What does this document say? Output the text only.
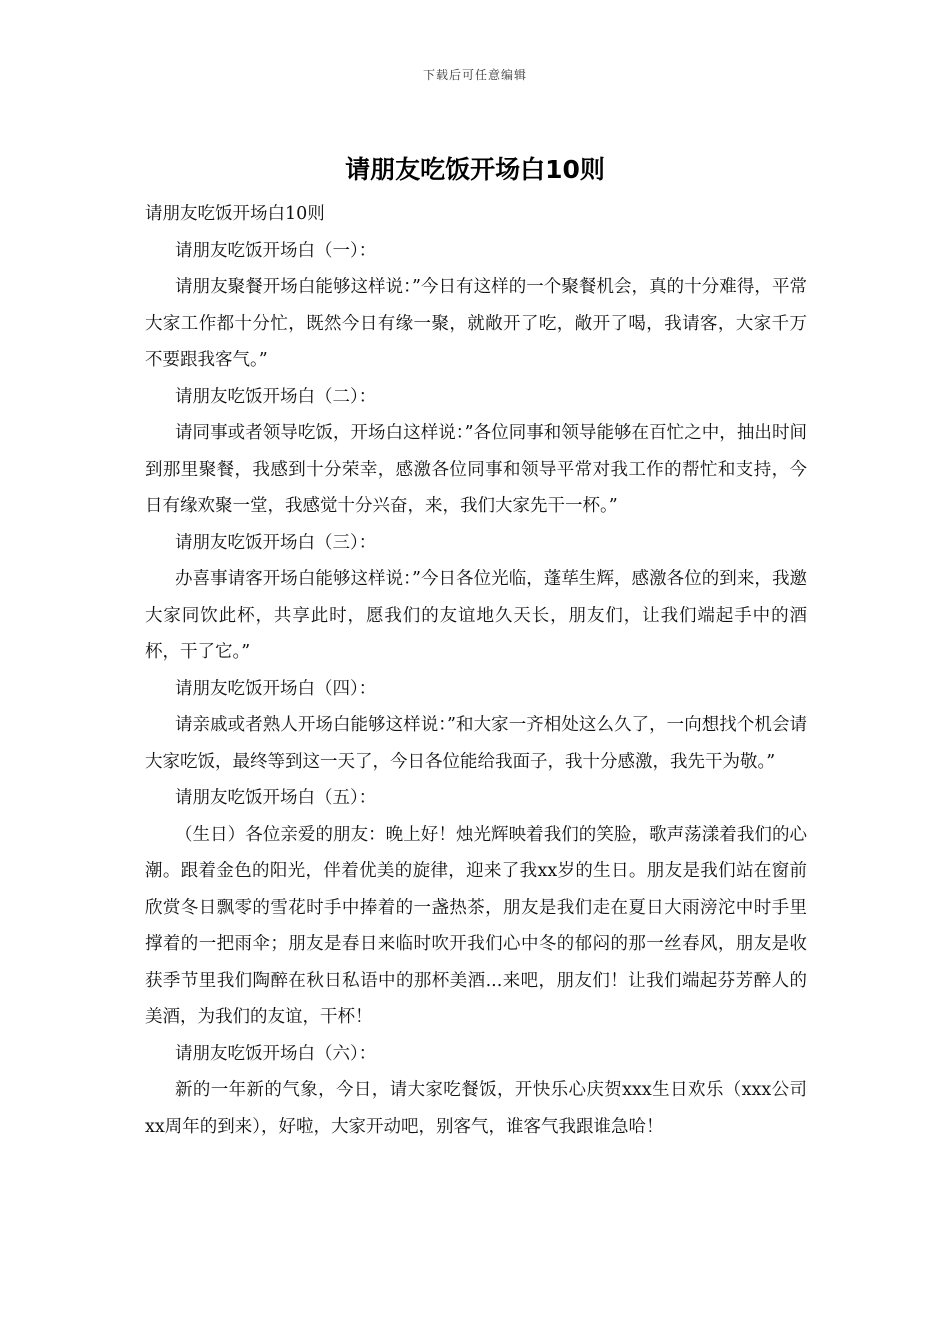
下载后可任意编辑
请朋友吃饭开场白10则

请朋友吃饭开场白10则

请朋友吃饭开场白（一）：

请朋友聚餐开场白能够这样说：”今日有这样的一个聚餐机会，真的十分难得，平常大家工作都十分忙，既然今日有缘一聚，就敞开了吃，敞开了喝，我请客，大家千万不要跟我客气。”

请朋友吃饭开场白（二）：

请同事或者领导吃饭，开场白这样说：”各位同事和领导能够在百忙之中，抽出时间到那里聚餐，我感到十分荣幸，感激各位同事和领导平常对我工作的帮忙和支持，今日有缘欢聚一堂，我感觉十分兴奋，来，我们大家先干一杯。”

请朋友吃饭开场白（三）：

办喜事请客开场白能够这样说：”今日各位光临，蓬荜生辉，感激各位的到来，我邀大家同饮此杯，共享此时，愿我们的友谊地久天长，朋友们，让我们端起手中的酒杯，干了它。”

请朋友吃饭开场白（四）：

请亲戚或者熟人开场白能够这样说：”和大家一齐相处这么久了，一向想找个机会请大家吃饭，最终等到这一天了，今日各位能给我面子，我十分感激，我先干为敬。”

请朋友吃饭开场白（五）：

（生日）各位亲爱的朋友：晚上好！烛光辉映着我们的笑脸，歌声荡漾着我们的心潮。跟着金色的阳光，伴着优美的旋律，迎来了我xx岁的生日。朋友是我们站在窗前欣赏冬日飘零的雪花时手中捧着的一盏热茶，朋友是我们走在夏日大雨滂沱中时手里撑着的一把雨伞；朋友是春日来临时吹开我们心中冬的郁闷的那一丝春风，朋友是收获季节里我们陶醉在秋日私语中的那杯美酒...来吧，朋友们！让我们端起芬芳醉人的美酒，为我们的友谊，干杯！

请朋友吃饭开场白（六）：

新的一年新的气象，今日，请大家吃餐饭，开快乐心庆贺xxx生日欢乐（xxx公司xx周年的到来），好啦，大家开动吧，别客气，谁客气我跟谁急哈！
